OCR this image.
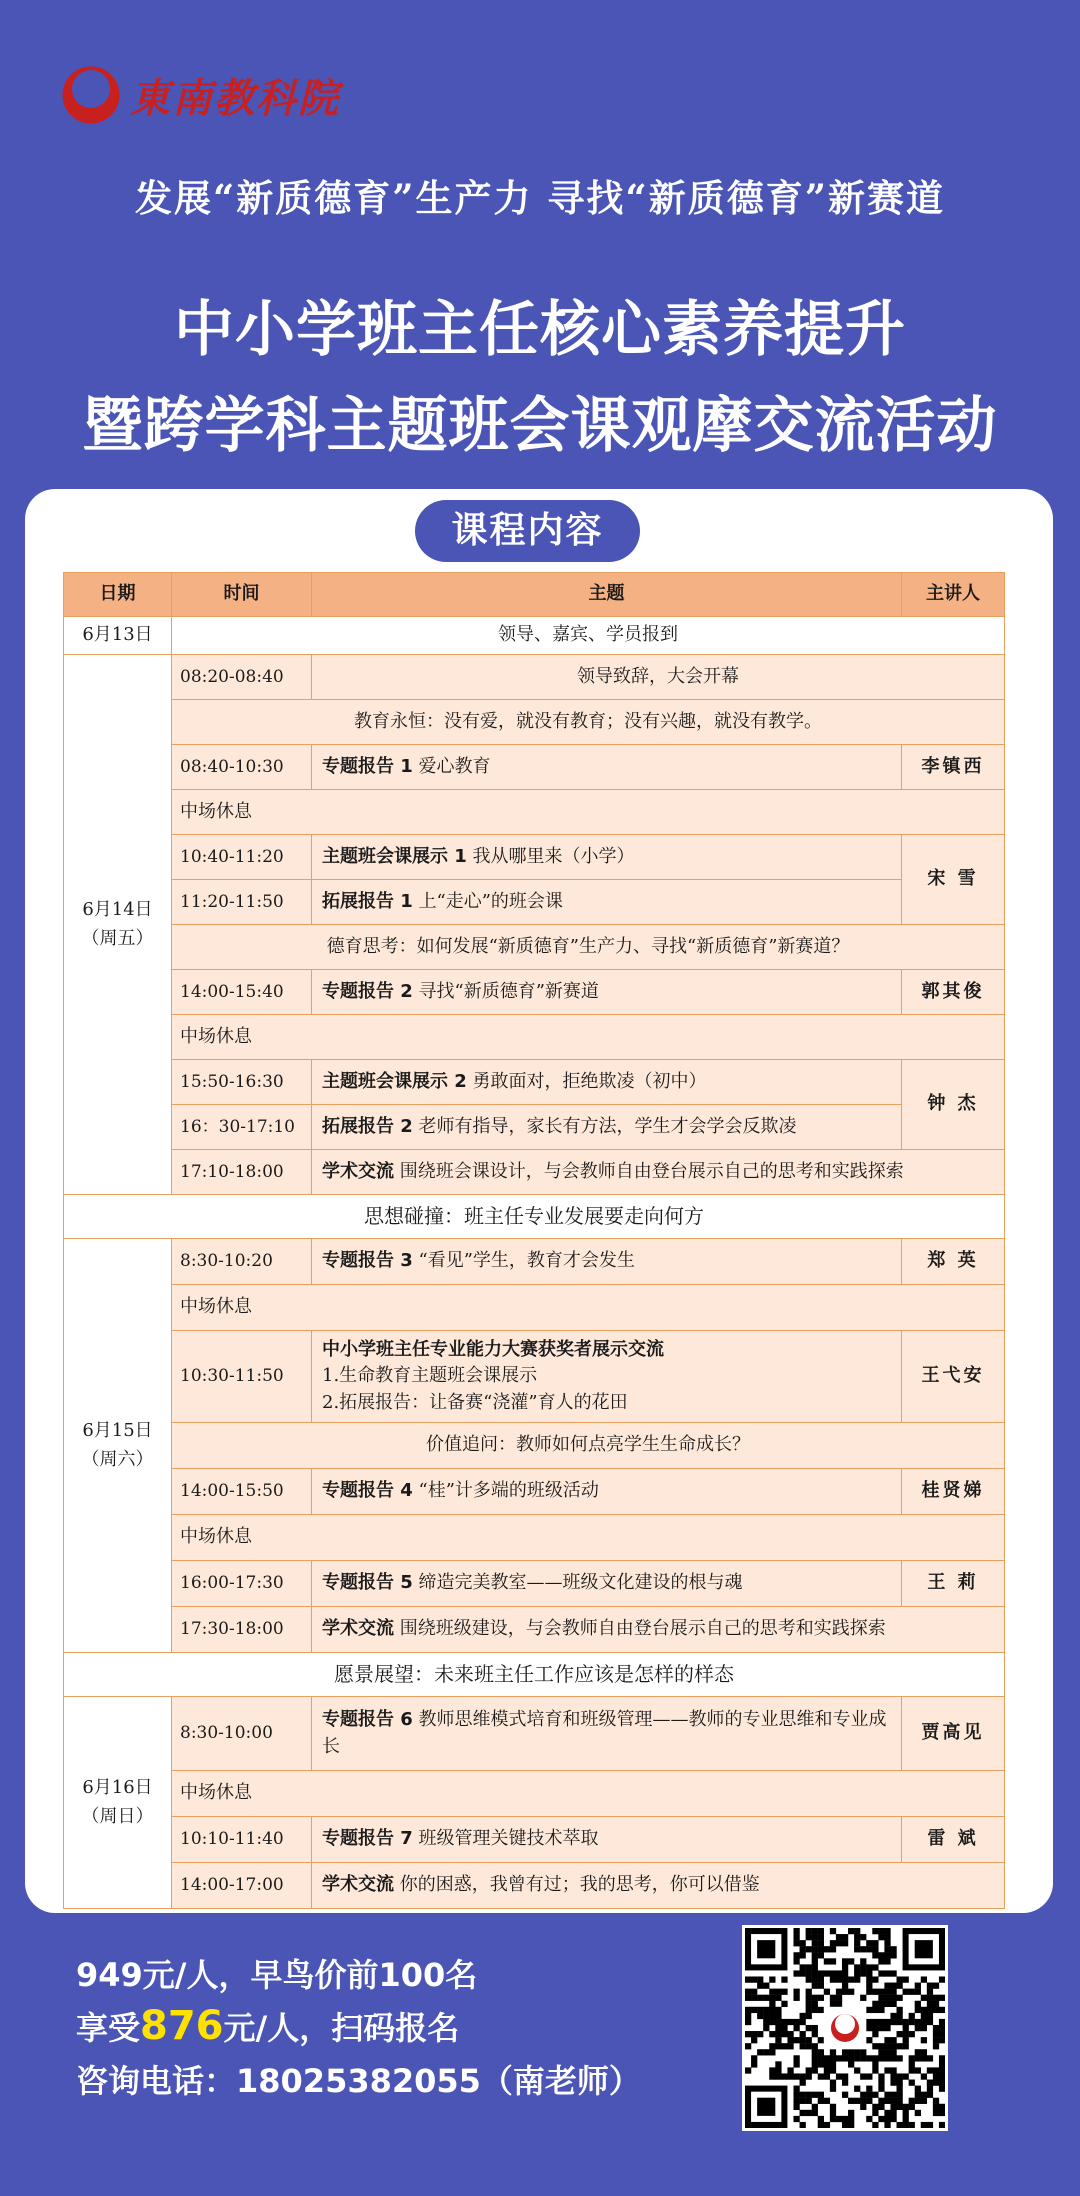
東南教科院
发展“新质德育”生产力 寻找“新质德育”新赛道
中小学班主任核心素养提升
暨跨学科主题班会课观摩交流活动
课程内容
日期	时间	主题	主讲人
6月13日	领导、嘉宾、学员报到		
6月14日
（周五）	08:20-08:40	领导致辞，大会开幕	
	教育永恒：没有爱，就没有教育；没有兴趣，就没有教学。		
	08:40-10:30	专题报告 1 爱心教育	李镇西
	中场休息		
	10:40-11:20	主题班会课展示 1 我从哪里来（小学）	宋 雪
	11:20-11:50	拓展报告 1 上“走心”的班会课	
	德育思考：如何发展“新质德育”生产力、寻找“新质德育”新赛道？		
	14:00-15:40	专题报告 2 寻找“新质德育”新赛道	郭其俊
	中场休息		
	15:50-16:30	主题班会课展示 2 勇敢面对，拒绝欺凌（初中）	钟 杰
	16：30-17:10	拓展报告 2 老师有指导，家长有方法，学生才会学会反欺凌	
	17:10-18:00	学术交流 围绕班会课设计，与会教师自由登台展示自己的思考和实践探索	
思想碰撞：班主任专业发展要走向何方			
6月15日
（周六）	8:30-10:20	专题报告 3 “看见”学生，教育才会发生	郑 英
	中场休息		
	10:30-11:50	中小学班主任专业能力大赛获奖者展示交流
1.生命教育主题班会课展示
2.拓展报告：让备赛“浇灌”育人的花田	王弋安
	价值追问：教师如何点亮学生生命成长？		
	14:00-15:50	专题报告 4 “桂”计多端的班级活动	桂贤娣
	中场休息		
	16:00-17:30	专题报告 5 缔造完美教室——班级文化建设的根与魂	王 莉
	17:30-18:00	学术交流 围绕班级建设，与会教师自由登台展示自己的思考和实践探索	
愿景展望：未来班主任工作应该是怎样的样态			
6月16日
（周日）	8:30-10:00	专题报告 6 教师思维模式培育和班级管理——教师的专业思维和专业成长	贾高见
	中场休息		
	10:10-11:40	专题报告 7 班级管理关键技术萃取	雷 斌
	14:00-17:00	学术交流 你的困惑，我曾有过；我的思考，你可以借鉴	
949元/人，早鸟价前100名
享受876元/人，扫码报名
咨询电话：18025382055（南老师）
